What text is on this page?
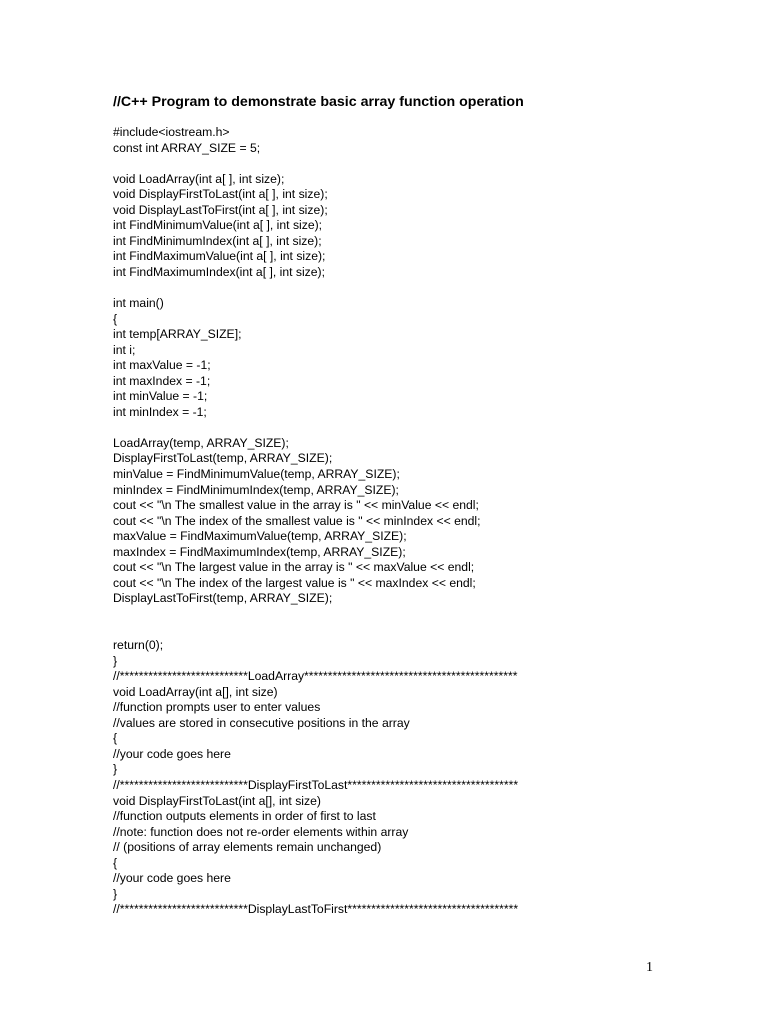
//C++ Program to demonstrate basic array function operation
#include<iostream.h>
const int ARRAY_SIZE = 5;
void LoadArray(int a[ ], int size);
void DisplayFirstToLast(int a[ ], int size);
void DisplayLastToFirst(int a[ ], int size);
int FindMinimumValue(int a[ ], int size);
int FindMinimumIndex(int a[ ], int size);
int FindMaximumValue(int a[ ], int size);
int FindMaximumIndex(int a[ ], int size);
int main()
{
int temp[ARRAY_SIZE];
int i;
int maxValue = -1;
int maxIndex = -1;
int minValue = -1;
int minIndex = -1;
LoadArray(temp, ARRAY_SIZE);
DisplayFirstToLast(temp, ARRAY_SIZE);
minValue = FindMinimumValue(temp, ARRAY_SIZE);
minIndex = FindMinimumIndex(temp, ARRAY_SIZE);
cout << "\n The smallest value in the array is " << minValue << endl;
cout << "\n The index of the smallest value is " << minIndex << endl;
maxValue = FindMaximumValue(temp, ARRAY_SIZE);
maxIndex = FindMaximumIndex(temp, ARRAY_SIZE);
cout << "\n The largest value in the array is " << maxValue << endl;
cout << "\n The index of the largest value is " << maxIndex << endl;
DisplayLastToFirst(temp, ARRAY_SIZE);
return(0);
}
//***************************LoadArray*********************************************
void LoadArray(int a[], int size)
//function prompts user to enter values
//values are stored in consecutive positions in the array
{
//your code goes here
}
//***************************DisplayFirstToLast************************************
void DisplayFirstToLast(int a[], int size)
//function outputs elements in order of first to last
//note: function does not re-order elements within array
// (positions of array elements remain unchanged)
{
//your code goes here
}
//***************************DisplayLastToFirst************************************
1
